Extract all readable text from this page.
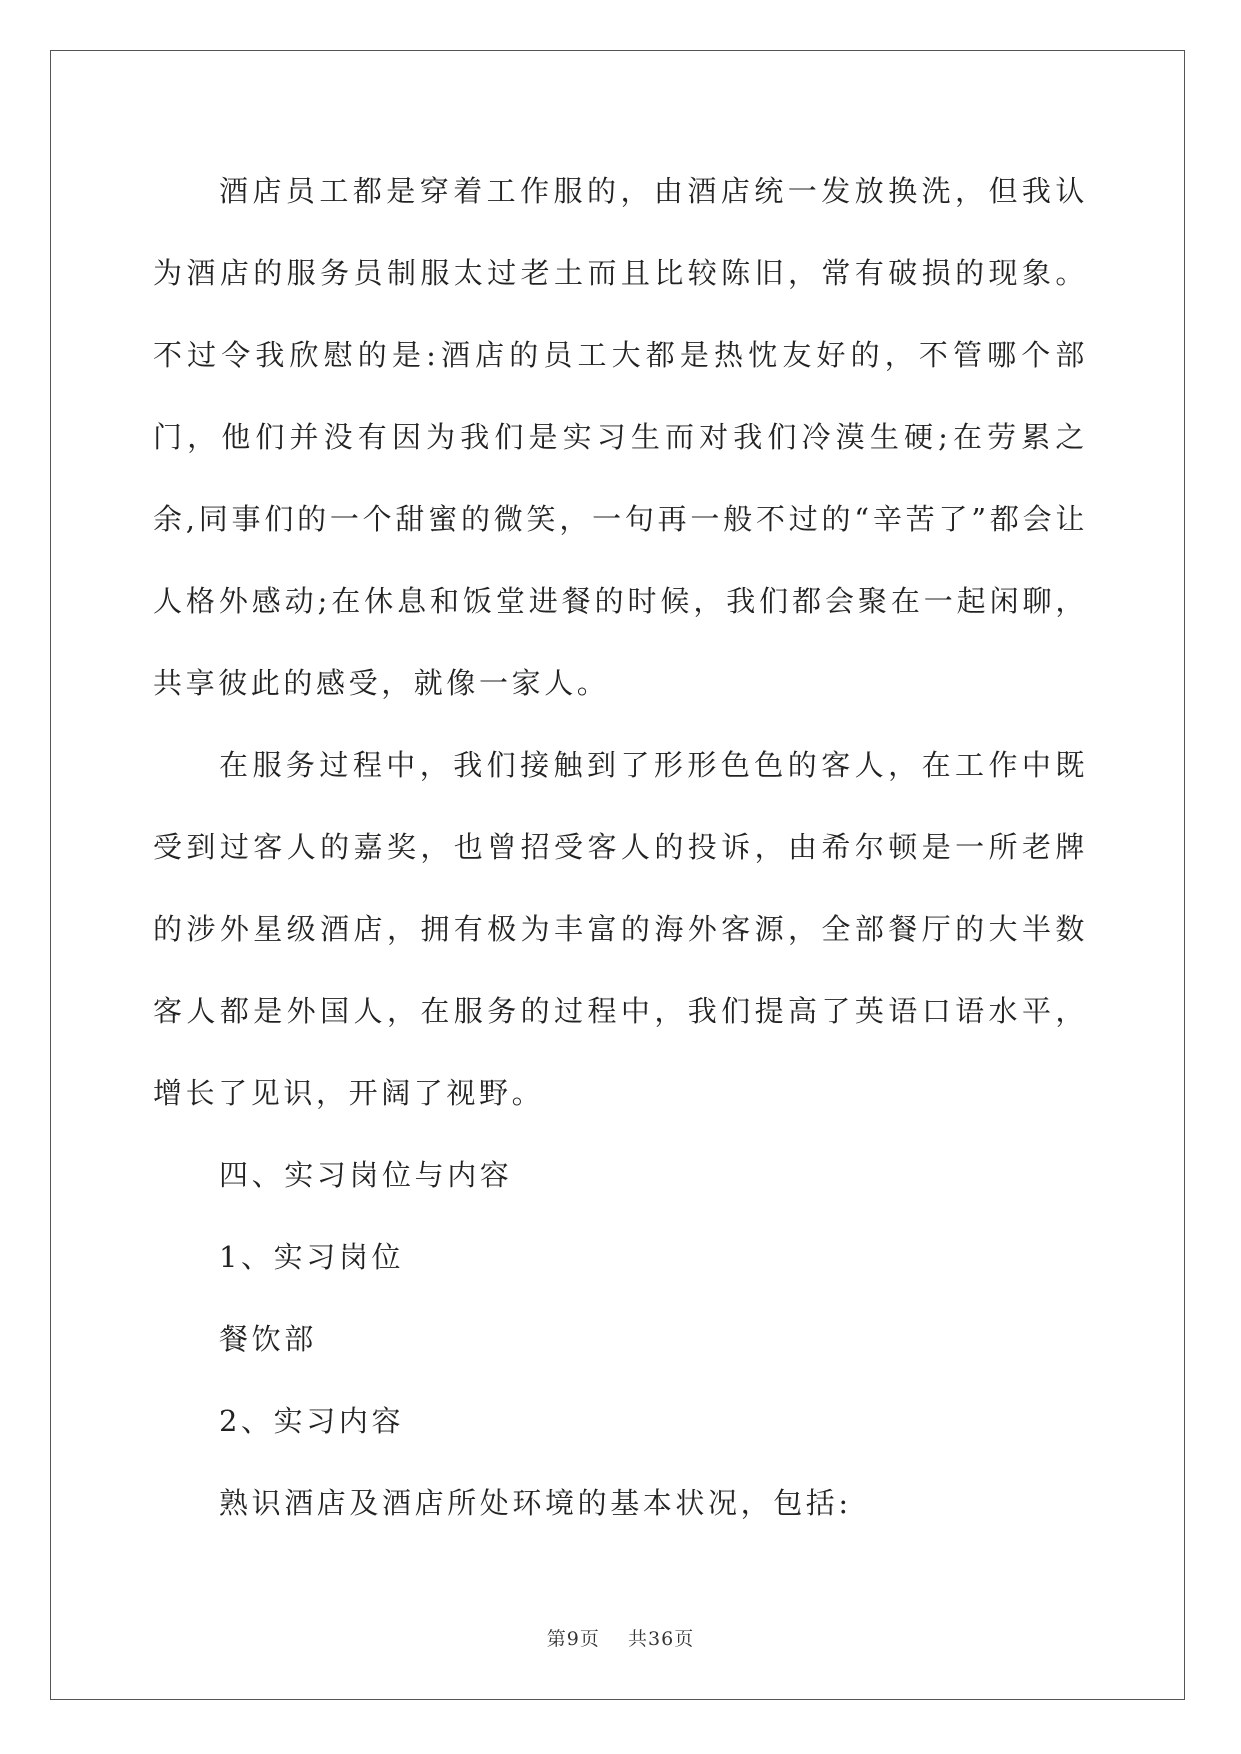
酒店员工都是穿着工作服的，由酒店统一发放换洗，但我认为酒店的服务员制服太过老土而且比较陈旧，常有破损的现象。不过令我欣慰的是:酒店的员工大都是热忱友好的，不管哪个部门，他们并没有因为我们是实习生而对我们冷漠生硬;在劳累之余,同事们的一个甜蜜的微笑，一句再一般不过的“辛苦了”都会让人格外感动;在休息和饭堂进餐的时候，我们都会聚在一起闲聊，共享彼此的感受，就像一家人。

在服务过程中，我们接触到了形形色色的客人，在工作中既受到过客人的嘉奖，也曾招受客人的投诉，由希尔顿是一所老牌的涉外星级酒店，拥有极为丰富的海外客源，全部餐厅的大半数客人都是外国人，在服务的过程中，我们提高了英语口语水平，增长了见识，开阔了视野。

四、实习岗位与内容

1、实习岗位

餐饮部

2、实习内容

熟识酒店及酒店所处环境的基本状况，包括:

第9页 共36页
